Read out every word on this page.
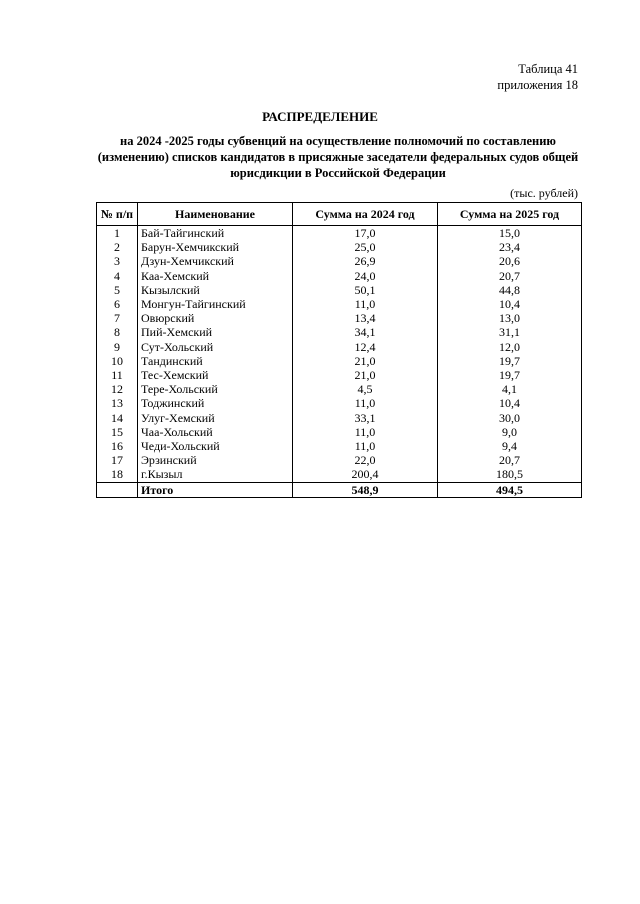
Таблица 41
приложения 18
РАСПРЕДЕЛЕНИЕ
на 2024 -2025 годы субвенций на осуществление полномочий по составлению (изменению) списков кандидатов в присяжные заседатели федеральных судов общей юрисдикции в Российской Федерации
(тыс. рублей)
№ п/п	Наименование	Сумма на 2024 год	Сумма на 2025 год
1	Бай-Тайгинский	17,0	15,0
2	Барун-Хемчикский	25,0	23,4
3	Дзун-Хемчикский	26,9	20,6
4	Каа-Хемский	24,0	20,7
5	Кызылский	50,1	44,8
6	Монгун-Тайгинский	11,0	10,4
7	Овюрский	13,4	13,0
8	Пий-Хемский	34,1	31,1
9	Сут-Хольский	12,4	12,0
10	Тандинский	21,0	19,7
11	Тес-Хемский	21,0	19,7
12	Тере-Хольский	4,5	4,1
13	Тоджинский	11,0	10,4
14	Улуг-Хемский	33,1	30,0
15	Чаа-Хольский	11,0	9,0
16	Чеди-Хольский	11,0	9,4
17	Эрзинский	22,0	20,7
18	г.Кызыл	200,4	180,5
	Итого	548,9	494,5
